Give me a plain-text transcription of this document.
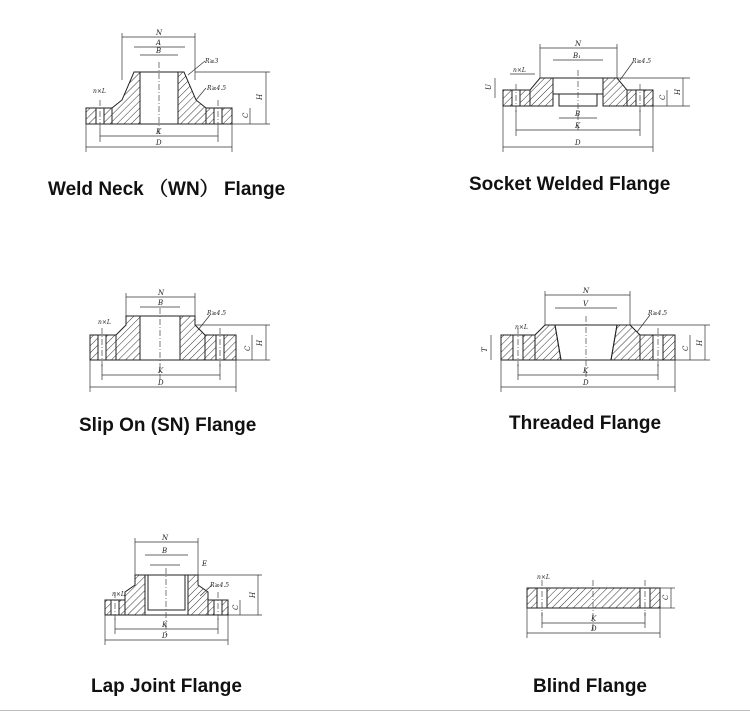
N
A
B
R≥3
R≥4.5
n×L
H
C
K
D
Weld Neck （WN） Flange
N
B₁
R≥4.5
n×L
U
H
C
B
K
D
Socket Welded Flange
N
B
R≥4.5
n×L
H
C
K
D
Slip On (SN) Flange
N
V
R≥4.5
n×L
T
H
C
K
D
Threaded Flange
N
B
R≥4.5
n×L
E
H
C
K
D
Lap Joint Flange
n×L
C
K
D
Blind Flange
